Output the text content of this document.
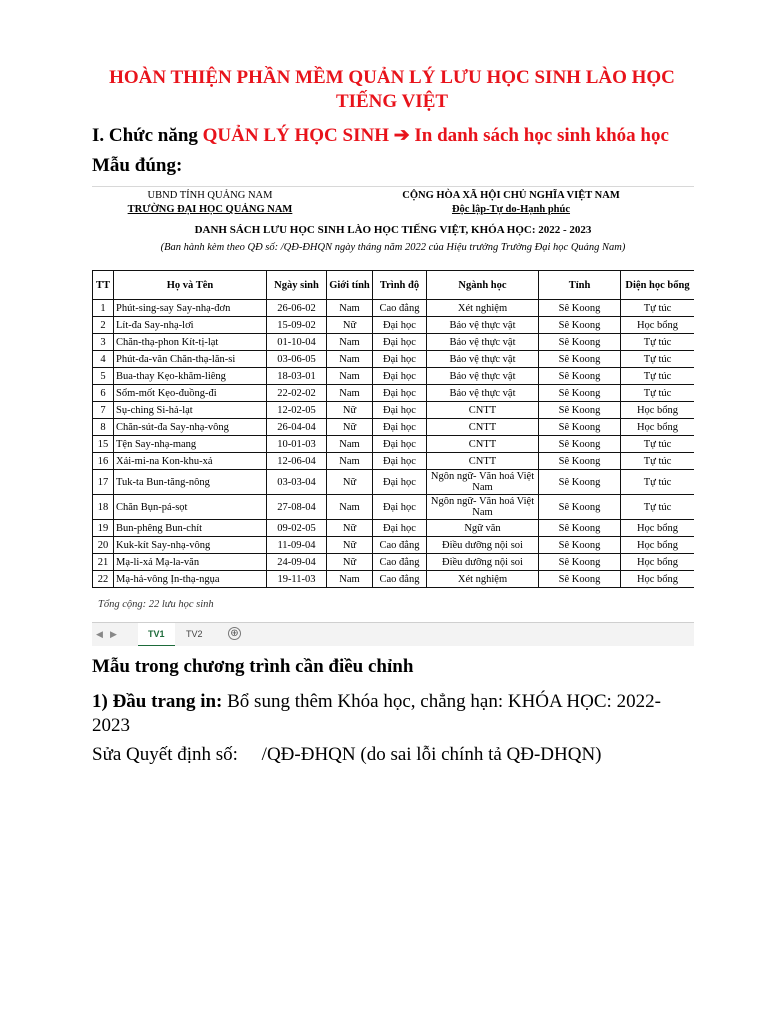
HOÀN THIỆN PHẦN MỀM QUẢN LÝ LƯU HỌC SINH LÀO HỌC
TIẾNG VIỆT
I. Chức năng QUẢN LÝ HỌC SINH ➔ In danh sách học sinh khóa học
Mẫu đúng:
UBND TỈNH QUẢNG NAM
TRƯỜNG ĐẠI HỌC QUẢNG NAM
CỘNG HÒA XÃ HỘI CHỦ NGHĨA VIỆT NAM
Độc lập-Tự do-Hạnh phúc
DANH SÁCH LƯU HỌC SINH LÀO HỌC TIẾNG VIỆT, KHÓA HỌC: 2022 - 2023
(Ban hành kèm theo QĐ số: /QĐ-ĐHQN ngày tháng năm 2022 của Hiệu trưởng Trường Đại học Quảng Nam)
TT	Họ và Tên	Ngày sinh	Giới tính	Trình độ	Ngành học	Tỉnh	Diện học bổng
1	Phút-sing-say Say-nhạ-đơn	26-06-02	Nam	Cao đẳng	Xét nghiệm	Sê Koong	Tự túc
2	Lít-đa Say-nhạ-lơi	15-09-02	Nữ	Đại học	Bảo vệ thực vật	Sê Koong	Học bổng
3	Chăn-thạ-phon Kít-tị-lạt	01-10-04	Nam	Đại học	Bảo vệ thực vật	Sê Koong	Tự túc
4	Phút-đa-văn Chăn-thạ-lăn-si	03-06-05	Nam	Đại học	Bảo vệ thực vật	Sê Koong	Tự túc
5	Bua-thay Kẹo-khăm-liêng	18-03-01	Nam	Đại học	Bảo vệ thực vật	Sê Koong	Tự túc
6	Sổm-mốt Kẹo-đuồng-đi	22-02-02	Nam	Đại học	Bảo vệ thực vật	Sê Koong	Tự túc
7	Sụ-ching Si-hả-lạt	12-02-05	Nữ	Đại học	CNTT	Sê Koong	Học bổng
8	Chăn-sút-đa Say-nhạ-vông	26-04-04	Nữ	Đại học	CNTT	Sê Koong	Học bổng
15	Tện Say-nhạ-mang	10-01-03	Nam	Đại học	CNTT	Sê Koong	Tự túc
16	Xải-mi-na Kon-khu-xả	12-06-04	Nam	Đại học	CNTT	Sê Koong	Tự túc
17	Tuk-ta Bun-tăng-nông	03-03-04	Nữ	Đại học	Ngôn ngữ- Văn hoá Việt Nam	Sê Koong	Tự túc
18	Chăn Bụn-pá-sọt	27-08-04	Nam	Đại học	Ngôn ngữ- Văn hoá Việt Nam	Sê Koong	Tự túc
19	Bun-phêng Bun-chít	09-02-05	Nữ	Đại học	Ngữ văn	Sê Koong	Học bổng
20	Kuk-kít Say-nhạ-vông	11-09-04	Nữ	Cao đẳng	Điều dưỡng nội soi	Sê Koong	Học bổng
21	Mạ-li-xả Mạ-la-văn	24-09-04	Nữ	Cao đẳng	Điều dưỡng nội soi	Sê Koong	Học bổng
22	Mạ-hả-vông Ịn-thạ-ngụa	19-11-03	Nam	Cao đẳng	Xét nghiệm	Sê Koong	Học bổng
Tổng cộng: 22 lưu học sinh
◀ ▶	TV1	TV2	⊕
Mẫu trong chương trình cần điều chỉnh
1) Đầu trang in: Bổ sung thêm Khóa học, chẳng hạn: KHÓA HỌC: 2022-
2023
Sửa Quyết định số:     /QĐ-ĐHQN (do sai lỗi chính tả QĐ-DHQN)
